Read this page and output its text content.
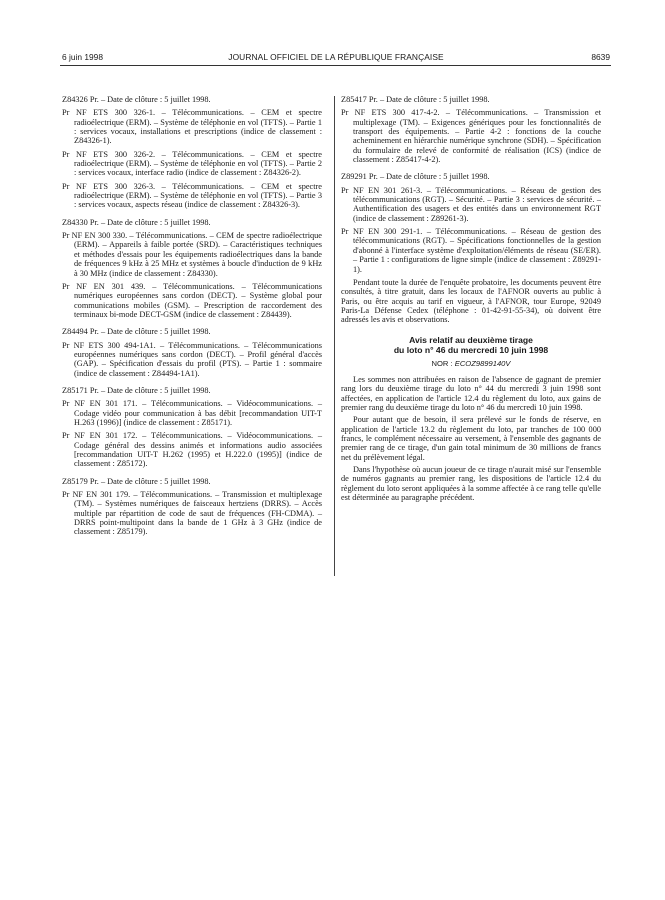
6 juin 1998	JOURNAL OFFICIEL DE LA RÉPUBLIQUE FRANÇAISE	8639

Z84326 Pr. – Date de clôture : 5 juillet 1998.

Pr NF ETS 300 326-1. – Télécommunications. – CEM et spectre radioélectrique (ERM). – Système de téléphonie en vol (TFTS). – Partie 1 : services vocaux, installations et prescriptions (indice de classement : Z84326-1).

Pr NF ETS 300 326-2. – Télécommunications. – CEM et spectre radioélectrique (ERM). – Système de téléphonie en vol (TFTS). – Partie 2 : services vocaux, interface radio (indice de classement : Z84326-2).

Pr NF ETS 300 326-3. – Télécommunications. – CEM et spectre radioélectrique (ERM). – Système de téléphonie en vol (TFTS). – Partie 3 : services vocaux, aspects réseau (indice de classement : Z84326-3).

Z84330 Pr. – Date de clôture : 5 juillet 1998.

Pr NF EN 300 330. – Télécommunications. – CEM de spectre radioélectrique (ERM). – Appareils à faible portée (SRD). – Caractéristiques techniques et méthodes d'essais pour les équipements radioélectriques dans la bande de fréquences 9 kHz à 25 MHz et systèmes à boucle d'induction de 9 kHz à 30 MHz (indice de classement : Z84330).

Pr NF EN 301 439. – Télécommunications. – Télécommunications numériques européennes sans cordon (DECT). – Système global pour communications mobiles (GSM). – Prescription de raccordement des terminaux bi-mode DECT-GSM (indice de classement : Z84439).

Z84494 Pr. – Date de clôture : 5 juillet 1998.

Pr NF ETS 300 494-1A1. – Télécommunications. – Télécommunications européennes numériques sans cordon (DECT). – Profil général d'accès (GAP). – Spécification d'essais du profil (PTS). – Partie 1 : sommaire (indice de classement : Z84494-1A1).

Z85171 Pr. – Date de clôture : 5 juillet 1998.

Pr NF EN 301 171. – Télécommunications. – Vidéocommunications. – Codage vidéo pour communication à bas débit [recommandation UIT-T H.263 (1996)] (indice de classement : Z85171).

Pr NF EN 301 172. – Télécommunications. – Vidéocommunications. – Codage général des dessins animés et informations audio associées [recommandation UIT-T H.262 (1995) et H.222.0 (1995)] (indice de classement : Z85172).

Z85179 Pr. – Date de clôture : 5 juillet 1998.

Pr NF EN 301 179. – Télécommunications. – Transmission et multiplexage (TM). – Systèmes numériques de faisceaux hertziens (DRRS). – Accès multiple par répartition de code de saut de fréquences (FH-CDMA). – DRRS point-multipoint dans la bande de 1 GHz à 3 GHz (indice de classement : Z85179).

Z85417 Pr. – Date de clôture : 5 juillet 1998.

Pr NF ETS 300 417-4-2. – Télécommunications. – Transmission et multiplexage (TM). – Exigences génériques pour les fonctionnalités de transport des équipements. – Partie 4-2 : fonctions de la couche acheminement en hiérarchie numérique synchrone (SDH). – Spécification du formulaire de relevé de conformité de réalisation (ICS) (indice de classement : Z85417-4-2).

Z89291 Pr. – Date de clôture : 5 juillet 1998.

Pr NF EN 301 261-3. – Télécommunications. – Réseau de gestion des télécommunications (RGT). – Sécurité. – Partie 3 : services de sécurité. – Authentification des usagers et des entités dans un environnement RGT (indice de classement : Z89261-3).

Pr NF EN 300 291-1. – Télécommunications. – Réseau de gestion des télécommunications (RGT). – Spécifications fonctionnelles de la gestion d'abonné à l'interface système d'exploitation/éléments de réseau (SE/ER). – Partie 1 : configurations de ligne simple (indice de classement : Z89291-1).

Pendant toute la durée de l'enquête probatoire, les documents peuvent être consultés, à titre gratuit, dans les locaux de l'AFNOR ouverts au public à Paris, ou être acquis au tarif en vigueur, à l'AFNOR, tour Europe, 92049 Paris-La Défense Cedex (téléphone : 01-42-91-55-34), où doivent être adressés les avis et observations.

Avis relatif au deuxième tirage
du loto n° 46 du mercredi 10 juin 1998
NOR : ECOZ9899140V

Les sommes non attribuées en raison de l'absence de gagnant de premier rang lors du deuxième tirage du loto n° 44 du mercredi 3 juin 1998 sont affectées, en application de l'article 12.4 du règlement du loto, aux gains de premier rang du deuxième tirage du loto n° 46 du mercredi 10 juin 1998.

Pour autant que de besoin, il sera prélevé sur le fonds de réserve, en application de l'article 13.2 du règlement du loto, par tranches de 100 000 francs, le complément nécessaire au versement, à l'ensemble des gagnants de premier rang de ce tirage, d'un gain total minimum de 30 millions de francs net du prélèvement légal.

Dans l'hypothèse où aucun joueur de ce tirage n'aurait misé sur l'ensemble de numéros gagnants au premier rang, les dispositions de l'article 12.4 du règlement du loto seront appliquées à la somme affectée à ce rang telle qu'elle est déterminée au paragraphe précédent.
